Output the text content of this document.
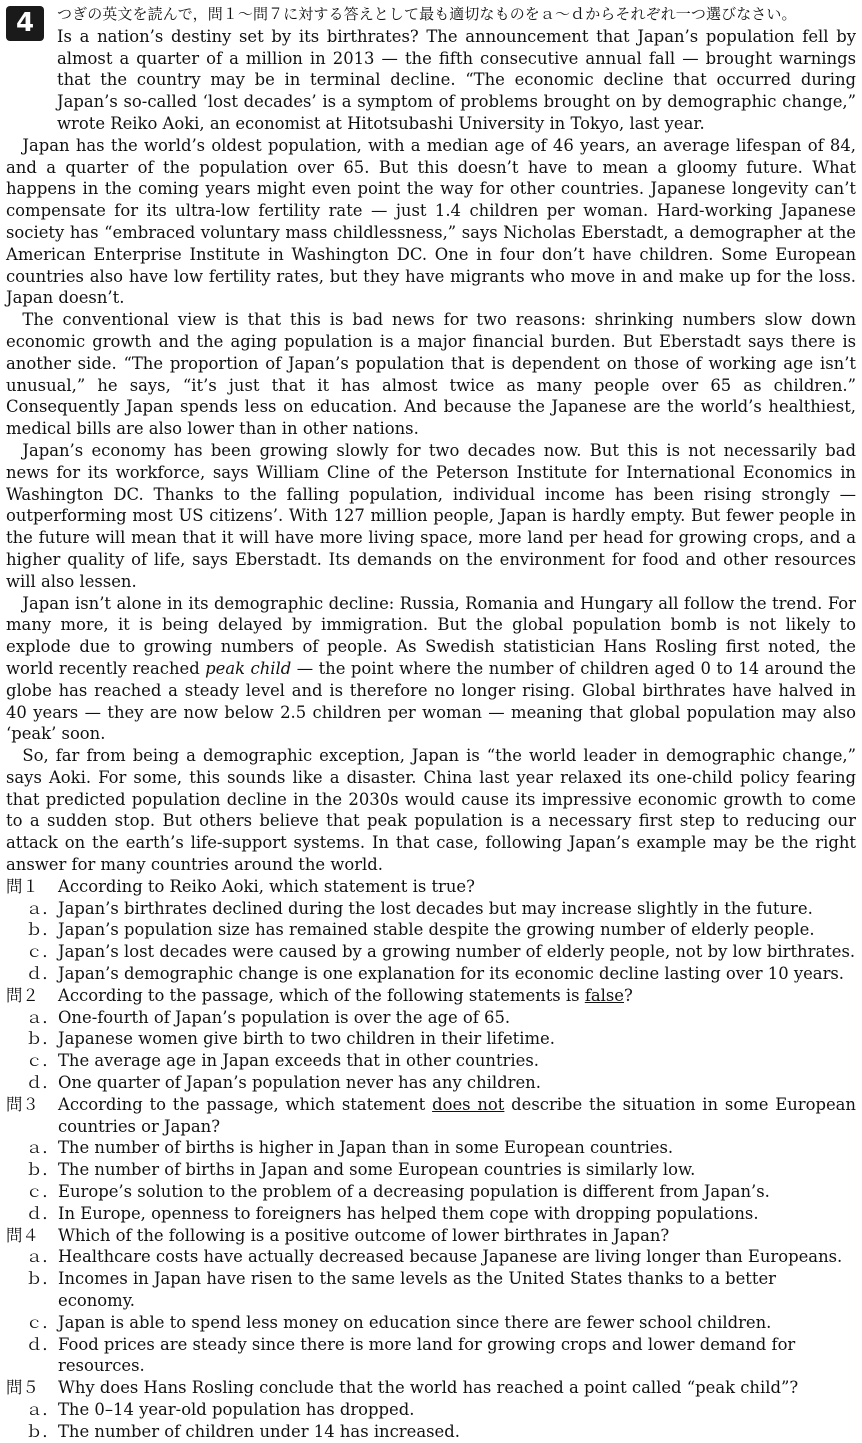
4	つぎの英文を読んで，問１～問７に対する答えとして最も適切なものをａ～ｄからそれぞれ一つ選びなさい。

Is a nation’s destiny set by its birthrates? The announcement that Japan’s population fell by almost a quarter of a million in 2013 — the fifth consecutive annual fall — brought warnings that the country may be in terminal decline. “The economic decline that occurred during Japan’s so-called ‘lost decades’ is a symptom of problems brought on by demographic change,” wrote Reiko Aoki, an economist at Hitotsubashi University in Tokyo, last year.

Japan has the world’s oldest population, with a median age of 46 years, an average lifespan of 84, and a quarter of the population over 65. But this doesn’t have to mean a gloomy future. What happens in the coming years might even point the way for other countries. Japanese longevity can’t compensate for its ultra-low fertility rate — just 1.4 children per woman. Hard-working Japanese society has “embraced voluntary mass childlessness,” says Nicholas Eberstadt, a demographer at the American Enterprise Institute in Washington DC. One in four don’t have children. Some European countries also have low fertility rates, but they have migrants who move in and make up for the loss. Japan doesn’t.

The conventional view is that this is bad news for two reasons: shrinking numbers slow down economic growth and the aging population is a major financial burden. But Eberstadt says there is another side. “The proportion of Japan’s population that is dependent on those of working age isn’t unusual,” he says, “it’s just that it has almost twice as many people over 65 as children.” Consequently Japan spends less on education. And because the Japanese are the world’s healthiest, medical bills are also lower than in other nations.

Japan’s economy has been growing slowly for two decades now. But this is not necessarily bad news for its workforce, says William Cline of the Peterson Institute for International Economics in Washington DC. Thanks to the falling population, individual income has been rising strongly — outperforming most US citizens’. With 127 million people, Japan is hardly empty. But fewer people in the future will mean that it will have more living space, more land per head for growing crops, and a higher quality of life, says Eberstadt. Its demands on the environment for food and other resources will also lessen.

Japan isn’t alone in its demographic decline: Russia, Romania and Hungary all follow the trend. For many more, it is being delayed by immigration. But the global population bomb is not likely to explode due to growing numbers of people. As Swedish statistician Hans Rosling first noted, the world recently reached peak child — the point where the number of children aged 0 to 14 around the globe has reached a steady level and is therefore no longer rising. Global birthrates have halved in 40 years — they are now below 2.5 children per woman — meaning that global population may also ‘peak’ soon.

So, far from being a demographic exception, Japan is “the world leader in demographic change,” says Aoki. For some, this sounds like a disaster. China last year relaxed its one-child policy fearing that predicted population decline in the 2030s would cause its impressive economic growth to come to a sudden stop. But others believe that peak population is a necessary first step to reducing our attack on the earth’s life-support systems. In that case, following Japan’s example may be the right answer for many countries around the world.

問１ According to Reiko Aoki, which statement is true?
ａ． Japan’s birthrates declined during the lost decades but may increase slightly in the future.
ｂ． Japan’s population size has remained stable despite the growing number of elderly people.
ｃ． Japan’s lost decades were caused by a growing number of elderly people, not by low birthrates.
ｄ． Japan’s demographic change is one explanation for its economic decline lasting over 10 years.
問２ According to the passage, which of the following statements is false?
ａ． One-fourth of Japan’s population is over the age of 65.
ｂ． Japanese women give birth to two children in their lifetime.
ｃ． The average age in Japan exceeds that in other countries.
ｄ． One quarter of Japan’s population never has any children.
問３ According to the passage, which statement does not describe the situation in some European countries or Japan?
ａ． The number of births is higher in Japan than in some European countries.
ｂ． The number of births in Japan and some European countries is similarly low.
ｃ． Europe’s solution to the problem of a decreasing population is different from Japan’s.
ｄ． In Europe, openness to foreigners has helped them cope with dropping populations.
問４ Which of the following is a positive outcome of lower birthrates in Japan?
ａ． Healthcare costs have actually decreased because Japanese are living longer than Europeans.
ｂ． Incomes in Japan have risen to the same levels as the United States thanks to a better economy.
ｃ． Japan is able to spend less money on education since there are fewer school children.
ｄ． Food prices are steady since there is more land for growing crops and lower demand for resources.
問５ Why does Hans Rosling conclude that the world has reached a point called “peak child”?
ａ． The 0–14 year-old population has dropped.
ｂ． The number of children under 14 has increased.
